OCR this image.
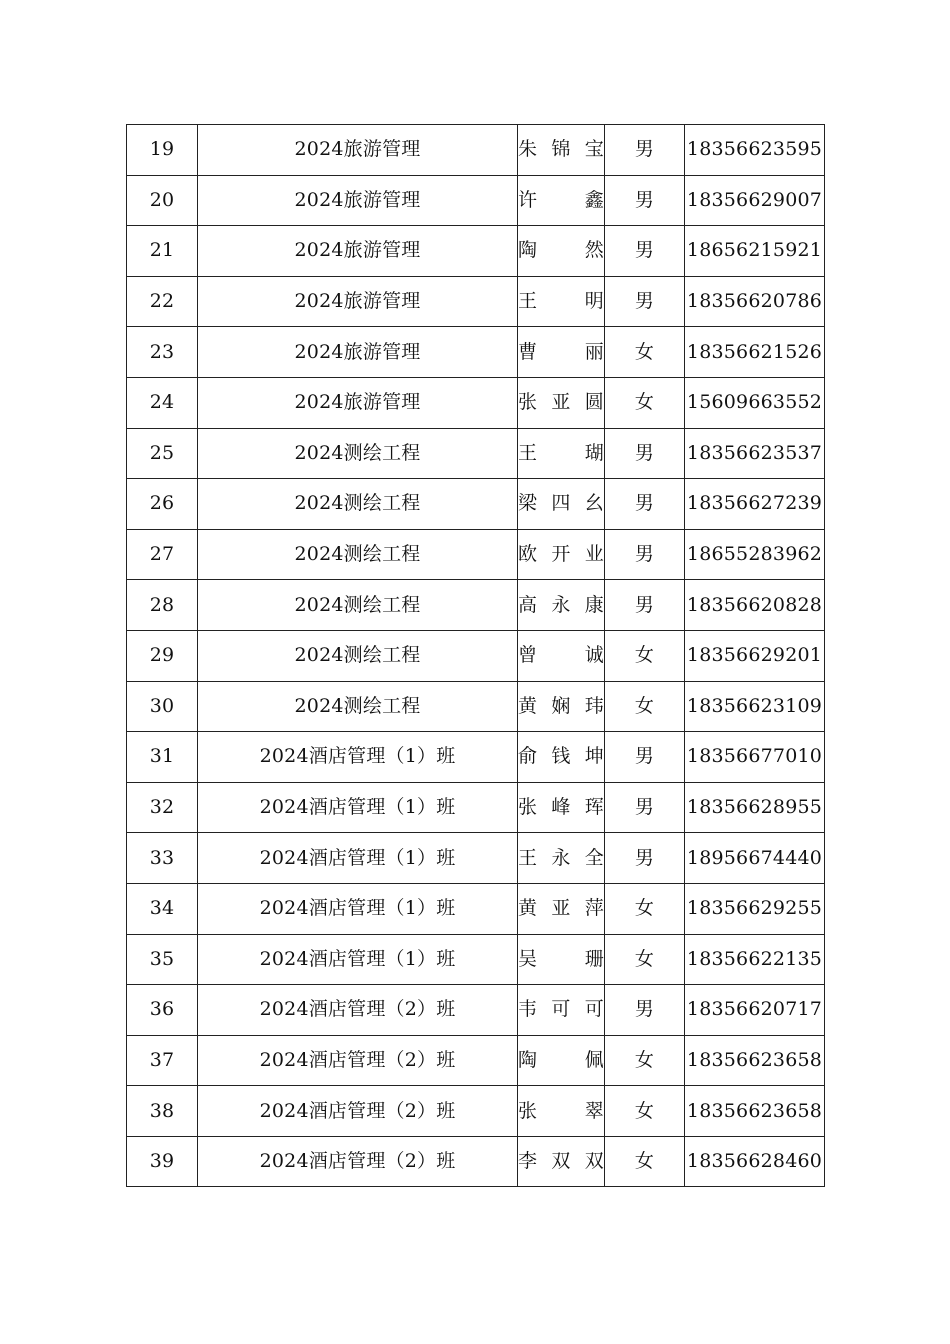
19	2024旅游管理	朱锦宝	男	18356623595
20	2024旅游管理	许 鑫	男	18356629007
21	2024旅游管理	陶 然	男	18656215921
22	2024旅游管理	王 明	男	18356620786
23	2024旅游管理	曹 丽	女	18356621526
24	2024旅游管理	张亚圆	女	15609663552
25	2024测绘工程	王 瑚	男	18356623537
26	2024测绘工程	梁四幺	男	18356627239
27	2024测绘工程	欧开业	男	18655283962
28	2024测绘工程	高永康	男	18356620828
29	2024测绘工程	曾 诚	女	18356629201
30	2024测绘工程	黄娴玮	女	18356623109
31	2024酒店管理（1）班	俞钱坤	男	18356677010
32	2024酒店管理（1）班	张峰珲	男	18356628955
33	2024酒店管理（1）班	王永全	男	18956674440
34	2024酒店管理（1）班	黄亚萍	女	18356629255
35	2024酒店管理（1）班	吴 珊	女	18356622135
36	2024酒店管理（2）班	韦可可	男	18356620717
37	2024酒店管理（2）班	陶 佩	女	18356623658
38	2024酒店管理（2）班	张 翠	女	18356623658
39	2024酒店管理（2）班	李双双	女	18356628460
